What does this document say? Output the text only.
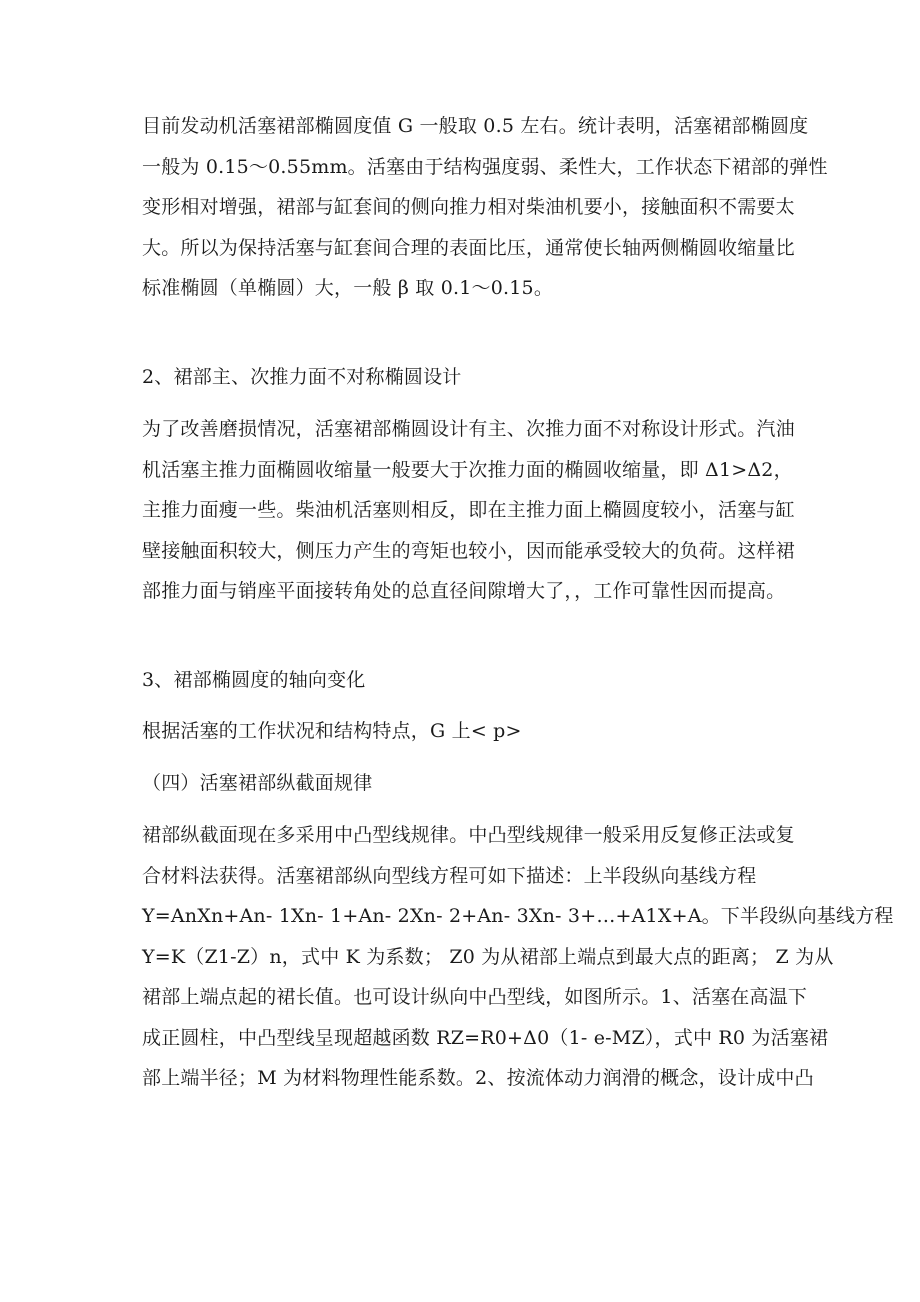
目前发动机活塞裙部椭圆度值 G 一般取 0.5 左右。统计表明，活塞裙部椭圆度
一般为 0.15～0.55mm。活塞由于结构强度弱、柔性大，工作状态下裙部的弹性
变形相对增强，裙部与缸套间的侧向推力相对柴油机要小，接触面积不需要太
大。所以为保持活塞与缸套间合理的表面比压，通常使长轴两侧椭圆收缩量比
标准椭圆（单椭圆）大，一般 β 取 0.1～0.15。
2、裙部主、次推力面不对称椭圆设计
为了改善磨损情况，活塞裙部椭圆设计有主、次推力面不对称设计形式。汽油
机活塞主推力面椭圆收缩量一般要大于次推力面的椭圆收缩量，即 Δ1>Δ2，
主推力面瘦一些。柴油机活塞则相反，即在主推力面上橢圆度较小，活塞与缸
壁接触面积较大，侧压力产生的弯矩也较小，因而能承受较大的负荷。这样裙
部推力面与销座平面接转角处的总直径间隙增大了，，工作可靠性因而提高。
3、裙部椭圆度的轴向变化
根据活塞的工作状况和结构特点，G 上< p>
（四）活塞裙部纵截面规律
裙部纵截面现在多采用中凸型线规律。中凸型线规律一般采用反复修正法或复
合材料法获得。活塞裙部纵向型线方程可如下描述：上半段纵向基线方程
Y=AnXn+An- 1Xn- 1+An- 2Xn- 2+An- 3Xn- 3+…+A1X+A。下半段纵向基线方程
Y=K（Z1-Z）n，式中 K 为系数； Z0 为从裙部上端点到最大点的距离； Z 为从
裙部上端点起的裙长值。也可设计纵向中凸型线，如图所示。1、活塞在高温下
成正圆柱，中凸型线呈现超越函数 RZ=R0+Δ0（1- e-MZ），式中 R0 为活塞裙
部上端半径；M 为材料物理性能系数。2、按流体动力润滑的概念，设计成中凸
